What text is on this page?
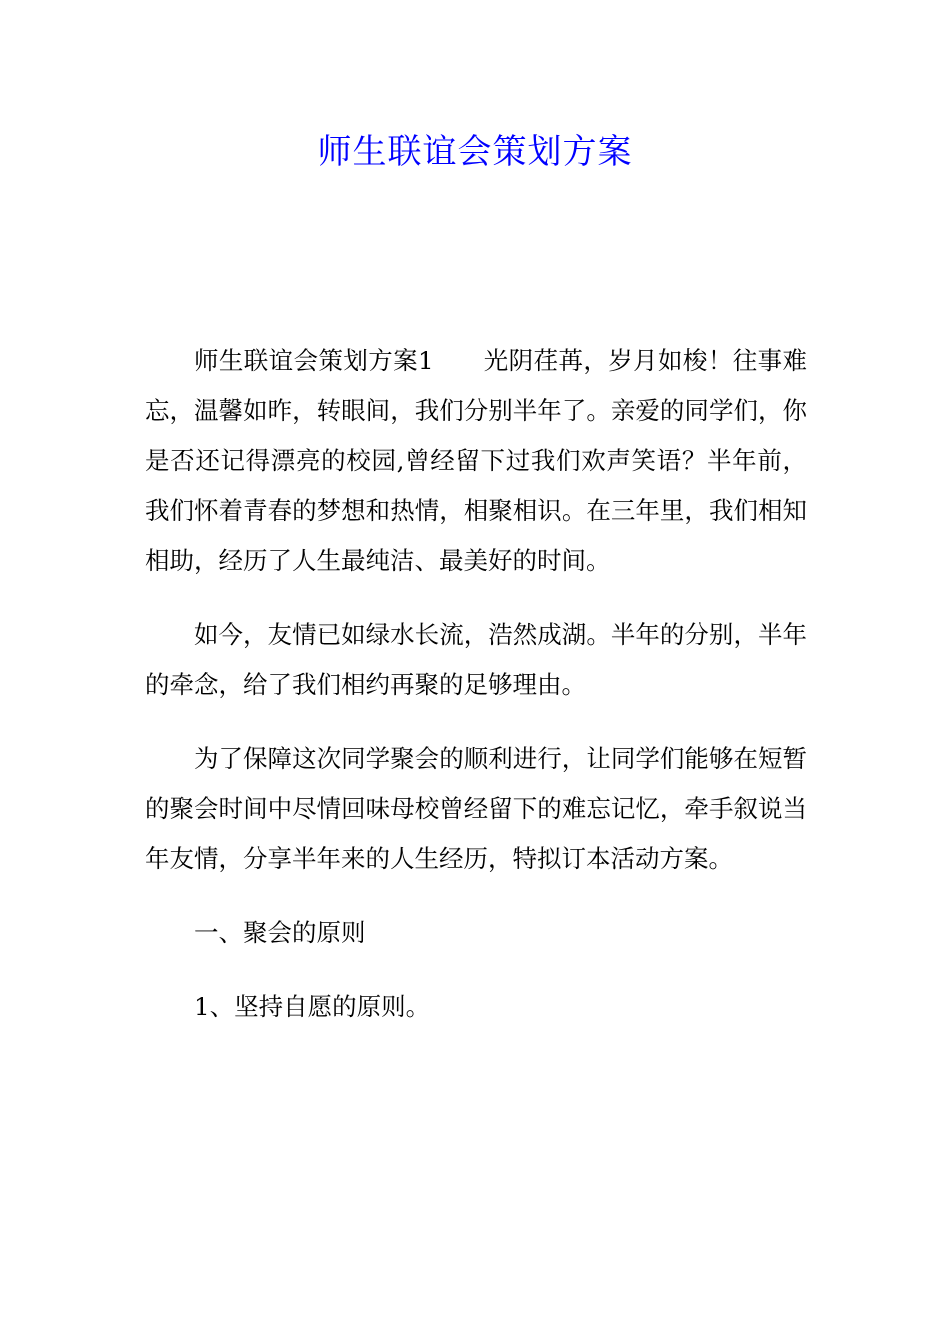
师生联谊会策划方案

师生联谊会策划方案1　　光阴荏苒，岁月如梭！往事难忘，温馨如昨，转眼间，我们分别半年了。亲爱的同学们，你是否还记得漂亮的校园,曾经留下过我们欢声笑语？半年前，我们怀着青春的梦想和热情，相聚相识。在三年里，我们相知相助，经历了人生最纯洁、最美好的时间。

如今，友情已如绿水长流，浩然成湖。半年的分别，半年的牵念，给了我们相约再聚的足够理由。

为了保障这次同学聚会的顺利进行，让同学们能够在短暂的聚会时间中尽情回味母校曾经留下的难忘记忆，牵手叙说当年友情，分享半年来的人生经历，特拟订本活动方案。

一、聚会的原则

1、坚持自愿的原则。
